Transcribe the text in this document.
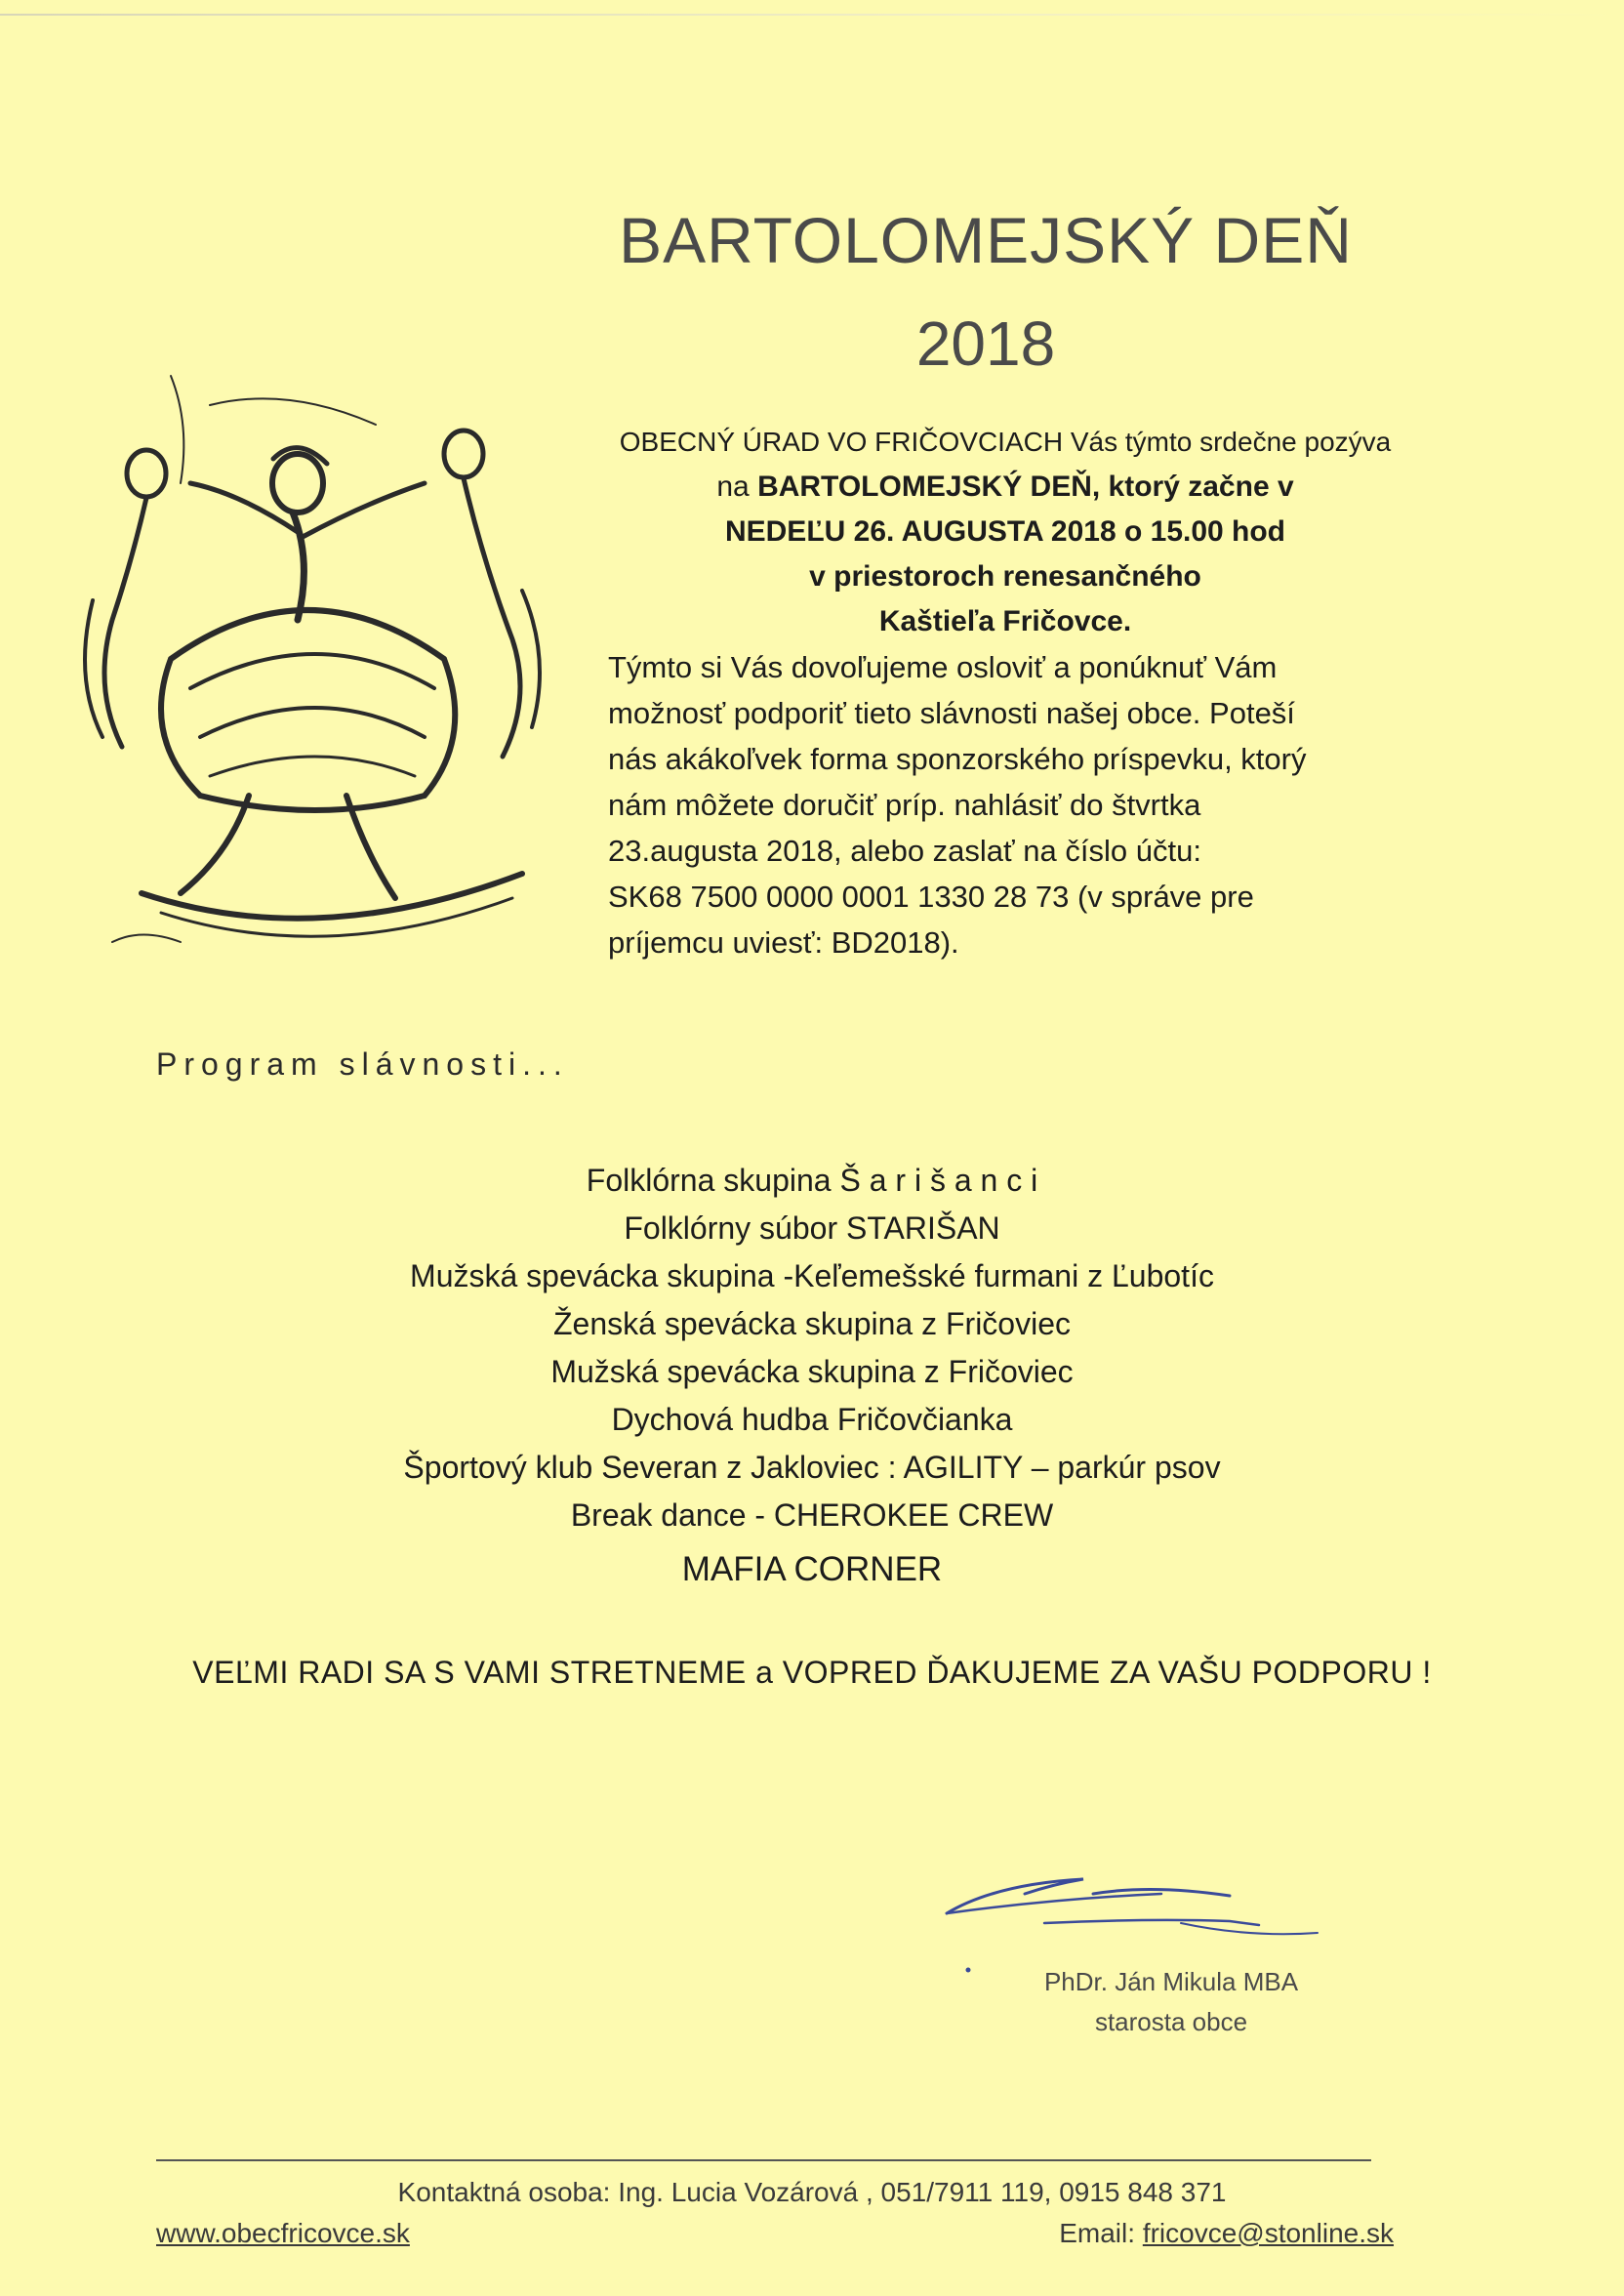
BARTOLOMEJSKÝ DEŇ
2018
OBECNÝ ÚRAD VO FRIČOVCIACH Vás týmto srdečne pozýva
na BARTOLOMEJSKÝ DEŇ, ktorý začne v
NEDEĽU 26. AUGUSTA 2018 o 15.00 hod
v priestoroch renesančného
Kaštieľa Fričovce.
Týmto si Vás dovoľujeme osloviť a ponúknuť Vám
možnosť podporiť tieto slávnosti našej obce. Poteší
nás akákoľvek forma sponzorského príspevku, ktorý
nám môžete doručiť príp. nahlásiť do štvrtka
23.augusta 2018, alebo zaslať na číslo účtu:
SK68 7500 0000 0001 1330 28 73 (v správe pre
príjemcu uviesť: BD2018).
Program slávnosti...
Folklórna skupina Š a r i š a n c i
Folklórny súbor STARIŠAN
Mužská spevácka skupina -Keľemešské furmani z Ľubotíc
Ženská spevácka skupina z Fričoviec
Mužská spevácka skupina z Fričoviec
Dychová hudba Fričovčianka
Športový klub Severan z Jakloviec : AGILITY – parkúr psov
Break dance - CHEROKEE CREW
MAFIA CORNER
VEĽMI RADI SA S VAMI STRETNEME a VOPRED ĎAKUJEME ZA VAŠU PODPORU !
PhDr. Ján Mikula MBA
starosta obce
Kontaktná osoba: Ing. Lucia Vozárová , 051/7911 119, 0915 848 371
www.obecfricovce.sk	Email: fricovce@stonline.sk
